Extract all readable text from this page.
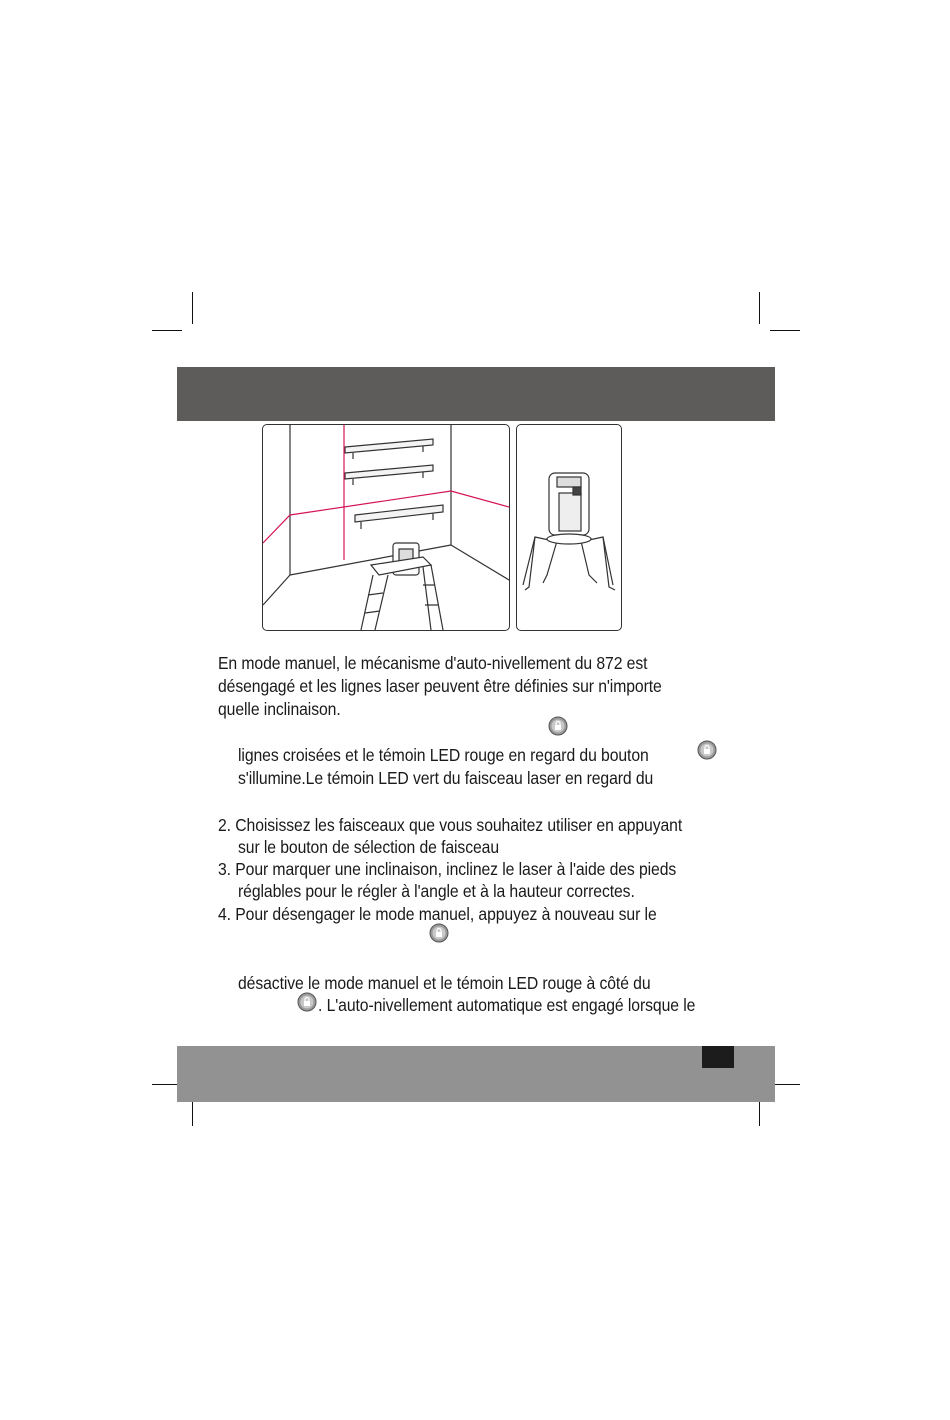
En mode manuel, le mécanisme d'auto-nivellement du 872 est
désengagé et les lignes laser peuvent être définies sur n'importe
quelle inclinaison.
lignes croisées et le témoin LED rouge en regard du bouton
s'illumine.Le témoin LED vert du faisceau laser en regard du
2. Choisissez les faisceaux que vous souhaitez utiliser en appuyant
sur le bouton de sélection de faisceau
3. Pour marquer une inclinaison, inclinez le laser à l'aide des pieds
réglables pour le régler à l'angle et à la hauteur correctes.
4. Pour désengager le mode manuel, appuyez à nouveau sur le
désactive le mode manuel et le témoin LED rouge à côté du
. L'auto-nivellement automatique est engagé lorsque le
